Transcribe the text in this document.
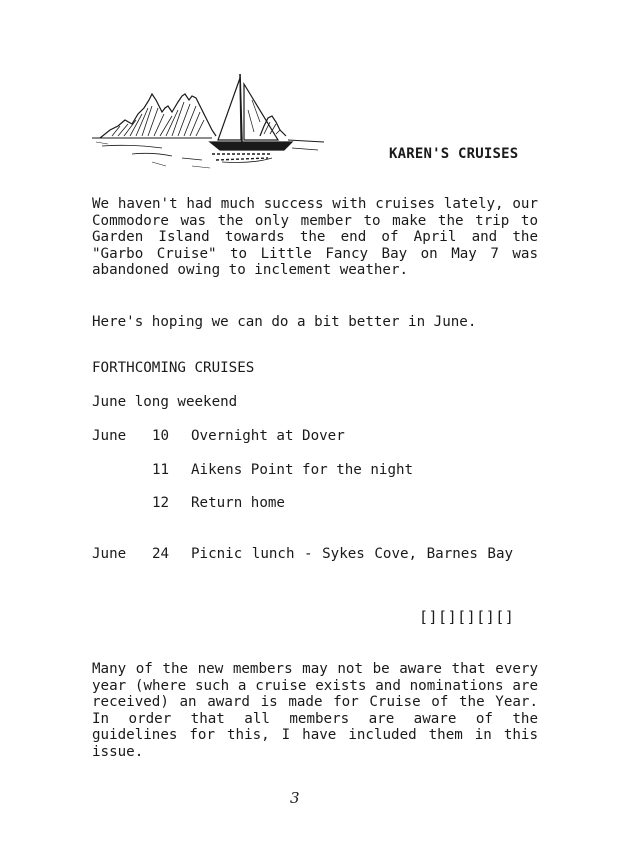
KAREN'S CRUISES

We haven't had much success with cruises lately, our Commodore was the only member to make the trip to Garden Island towards the end of April and the "Garbo Cruise" to Little Fancy Bay on May 7 was abandoned owing to inclement weather.

Here's hoping we can do a bit better in June.

FORTHCOMING CRUISES
June long weekend
June 10 Overnight at Dover
11 Aikens Point for the night
12 Return home
June 24 Picnic lunch - Sykes Cove, Barnes Bay
[][][][][]

Many of the new members may not be aware that every year (where such a cruise exists and nominations are received) an award is made for Cruise of the Year. In order that all members are aware of the guidelines for this, I have included them in this issue.

3
